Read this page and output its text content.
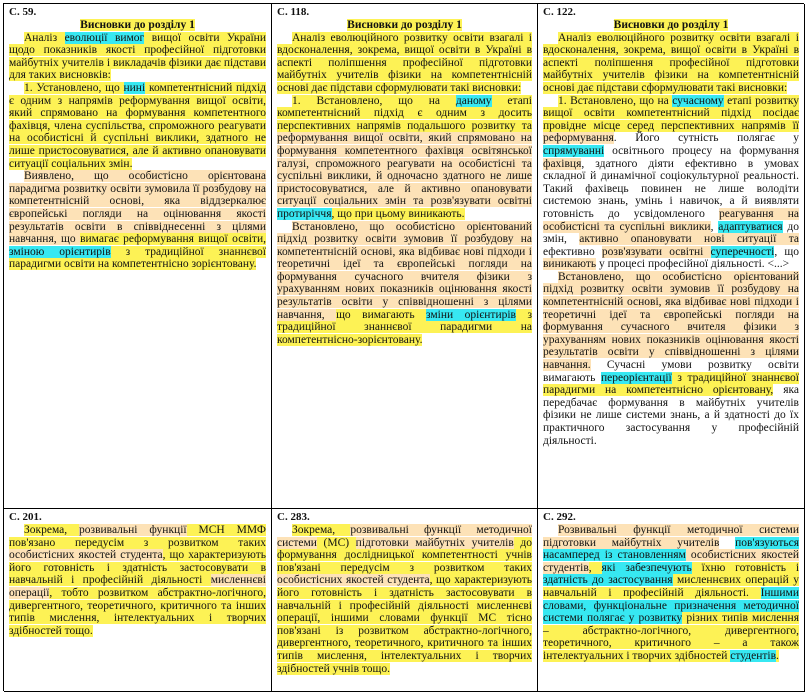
С. 59.
Висновки до розділу 1

Аналіз еволюції вимог вищої освіти України щодо показників якості професійної підготовки майбутніх учителів і викладачів фізики дає підстави для таких висновків:

1. Установлено, що нині компетентнісний підхід є одним з напрямів реформування вищої освіти, який спрямовано на формування компетентного фахівця, члена суспільства, спроможного реагувати на особистісні й суспільні виклики, здатного не лише пристосовуватися, але й активно опановувати ситуації соціальних змін.

Виявлено, що особистісно орієнтована парадигма розвитку освіти зумовила її розбудову на компетентнісній основі, яка віддзеркалює європейські погляди на оцінювання якості результатів освіти в співвіднесенні з цілями навчання, що вимагає реформування вищої освіти, зміною орієнтирів з традиційної знаннєвої парадигми освіти на компетентнісно зорієнтовану.

С. 118.
Висновки до розділу 1

Аналіз еволюційного розвитку освіти взагалі і вдосконалення, зокрема, вищої освіти в Україні в аспекті поліпшення професійної підготовки майбутніх учителів фізики на компетентнісній основі дає підстави сформулювати такі висновки:

1. Встановлено, що на даному етапі компетентнісний підхід є одним з досить перспективних напрямів подальшого розвитку та реформування вищої освіти, який спрямовано на формування компетентного фахівця освітянської галузі, спроможного реагувати на особистісні та суспільні виклики, й одночасно здатного не лише пристосовуватися, але й активно опановувати ситуації соціальних змін та розв'язувати освітні протиріччя, що при цьому виникають.

Встановлено, що особистісно орієнтований підхід розвитку освіти зумовив її розбудову на компетентнісній основі, яка відбиває нові підходи і теоретичні ідеї та європейські погляди на формування сучасного вчителя фізики з урахуванням нових показників оцінювання якості результатів освіти у співвідношенні з цілями навчання, що вимагають зміни орієнтирів з традиційної знаннєвої парадигми на компетентнісно-зорієнтовану.

С. 122.
Висновки до розділу 1

Аналіз еволюційного розвитку освіти взагалі і вдосконалення, зокрема, вищої освіти в Україні в аспекті поліпшення професійної підготовки майбутніх учителів фізики на компетентнісній основі дає підстави сформулювати такі висновки:

1. Встановлено, що на сучасному етапі розвитку вищої освіти компетентнісний підхід посідає провідне місце серед перспективних напрямів її реформування. Його сутність полягає у спрямуванні освітнього процесу на формування фахівця, здатного діяти ефективно в умовах складної й динамічної соціокультурної реальності. Такий фахівець повинен не лише володіти системою знань, умінь і навичок, а й виявляти готовність до усвідомленого реагування на особистісні та суспільні виклики, адаптуватися до змін, активно опановувати нові ситуації та ефективно розв'язувати освітні суперечності, що виникають у процесі професійної діяльності. <...>

Встановлено, що особистісно орієнтований підхід розвитку освіти зумовив її розбудову на компетентнісній основі, яка відбиває нові підходи і теоретичні ідеї та європейські погляди на формування сучасного вчителя фізики з урахуванням нових показників оцінювання якості результатів освіти у співвідношенні з цілями навчання. Сучасні умови розвитку освіти вимагають переорієнтації з традиційної знаннєвої парадигми на компетентнісно орієнтовану, яка передбачає формування в майбутніх учителів фізики не лише системи знань, а й здатності до їх практичного застосування у професійній діяльності.

С. 201.

Зокрема, розвивальні функції МСН ММФ пов'язано передусім з розвитком таких особистісних якостей студента, що характеризують його готовність і здатність застосовувати в навчальній і професійній діяльності мисленнєві операції, тобто розвитком абстрактно-логічного, дивергентного, теоретичного, критичного та інших типів мислення, інтелектуальних і творчих здібностей тощо.

С. 283.

Зокрема, розвивальні функції методичної системи (МС) підготовки майбутніх учителів до формування дослідницької компетентності учнів пов'язані передусім з розвитком таких особистісних якостей студента, що характеризують його готовність і здатність застосовувати в навчальній і професійній діяльності мисленнєві операції, іншими словами функції МС тісно пов'язані із розвитком абстрактно-логічного, дивергентного, теоретичного, критичного та інших типів мислення, інтелектуальних і творчих здібностей учнів тощо.

С. 292.

Розвивальні функції методичної системи підготовки майбутніх учителів пов'язуються насамперед із становленням особистісних якостей студентів, які забезпечують їхню готовність і здатність до застосування мисленнєвих операцій у навчальній і професійній діяльності. Іншими словами, функціональне призначення методичної системи полягає у розвитку різних типів мислення – абстрактно-логічного, дивергентного, теоретичного, критичного – а також інтелектуальних і творчих здібностей студентів.
